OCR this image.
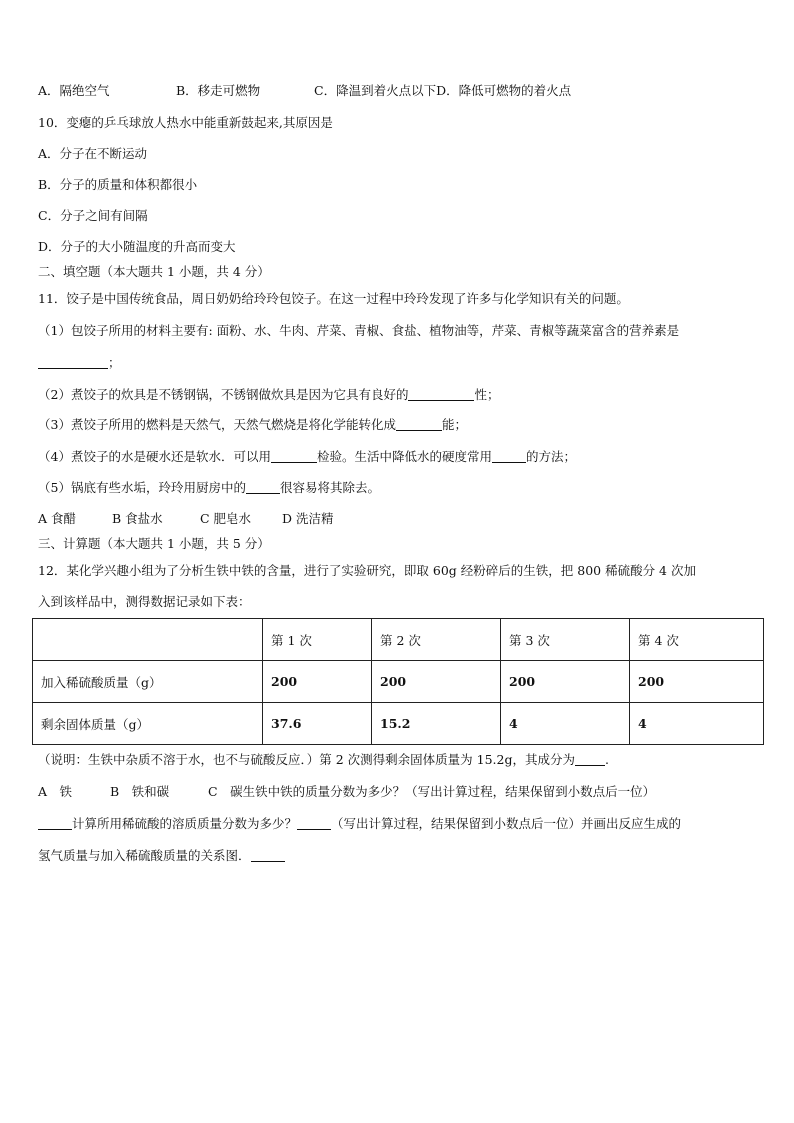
A．隔绝空气	B．移走可燃物	C．降温到着火点以下D．降低可燃物的着火点
10．变瘪的乒乓球放人热水中能重新鼓起来,其原因是
A．分子在不断运动
B．分子的质量和体积都很小
C．分子之间有间隔
D．分子的大小随温度的升高而变大
二、填空题（本大题共 1 小题，共 4 分）
11．饺子是中国传统食品，周日奶奶给玲玲包饺子。在这一过程中玲玲发现了许多与化学知识有关的问题。
（1）包饺子所用的材料主要有: 面粉、水、牛肉、芹菜、青椒、食盐、植物油等，芹菜、青椒等蔬菜富含的营养素是
；
（2）煮饺子的炊具是不锈钢锅，不锈钢做炊具是因为它具有良好的	性；
（3）煮饺子所用的燃料是天然气，天然气燃烧是将化学能转化成	能；
（4）煮饺子的水是硬水还是软水．可以用	检验。生活中降低水的硬度常用	的方法；
（5）锅底有些水垢，玲玲用厨房中的	很容易将其除去。
A 食醋	B 食盐水	C 肥皂水 D 洗洁精
三、计算题（本大题共 1 小题，共 5 分）
12．某化学兴趣小组为了分析生铁中铁的含量，进行了实验研究，即取 60g 经粉碎后的生铁，把 800 稀硫酸分 4 次加
入到该样品中，测得数据记录如下表：
	第 1 次	第 2 次	第 3 次	第 4 次
加入稀硫酸质量（g）	200	200	200	200
剩余固体质量（g）	37.6	15.2	4	4
（说明：生铁中杂质不溶于水，也不与硫酸反应．）第 2 次测得剩余固体质量为 15.2g，其成分为 .
A　铁	B　铁和碳	C　碳生铁中铁的质量分数为多少？（写出计算过程，结果保留到小数点后一位）
计算所用稀硫酸的溶质质量分数为多少？	（写出计算过程，结果保留到小数点后一位）并画出反应生成的
氢气质量与加入稀硫酸质量的关系图．
